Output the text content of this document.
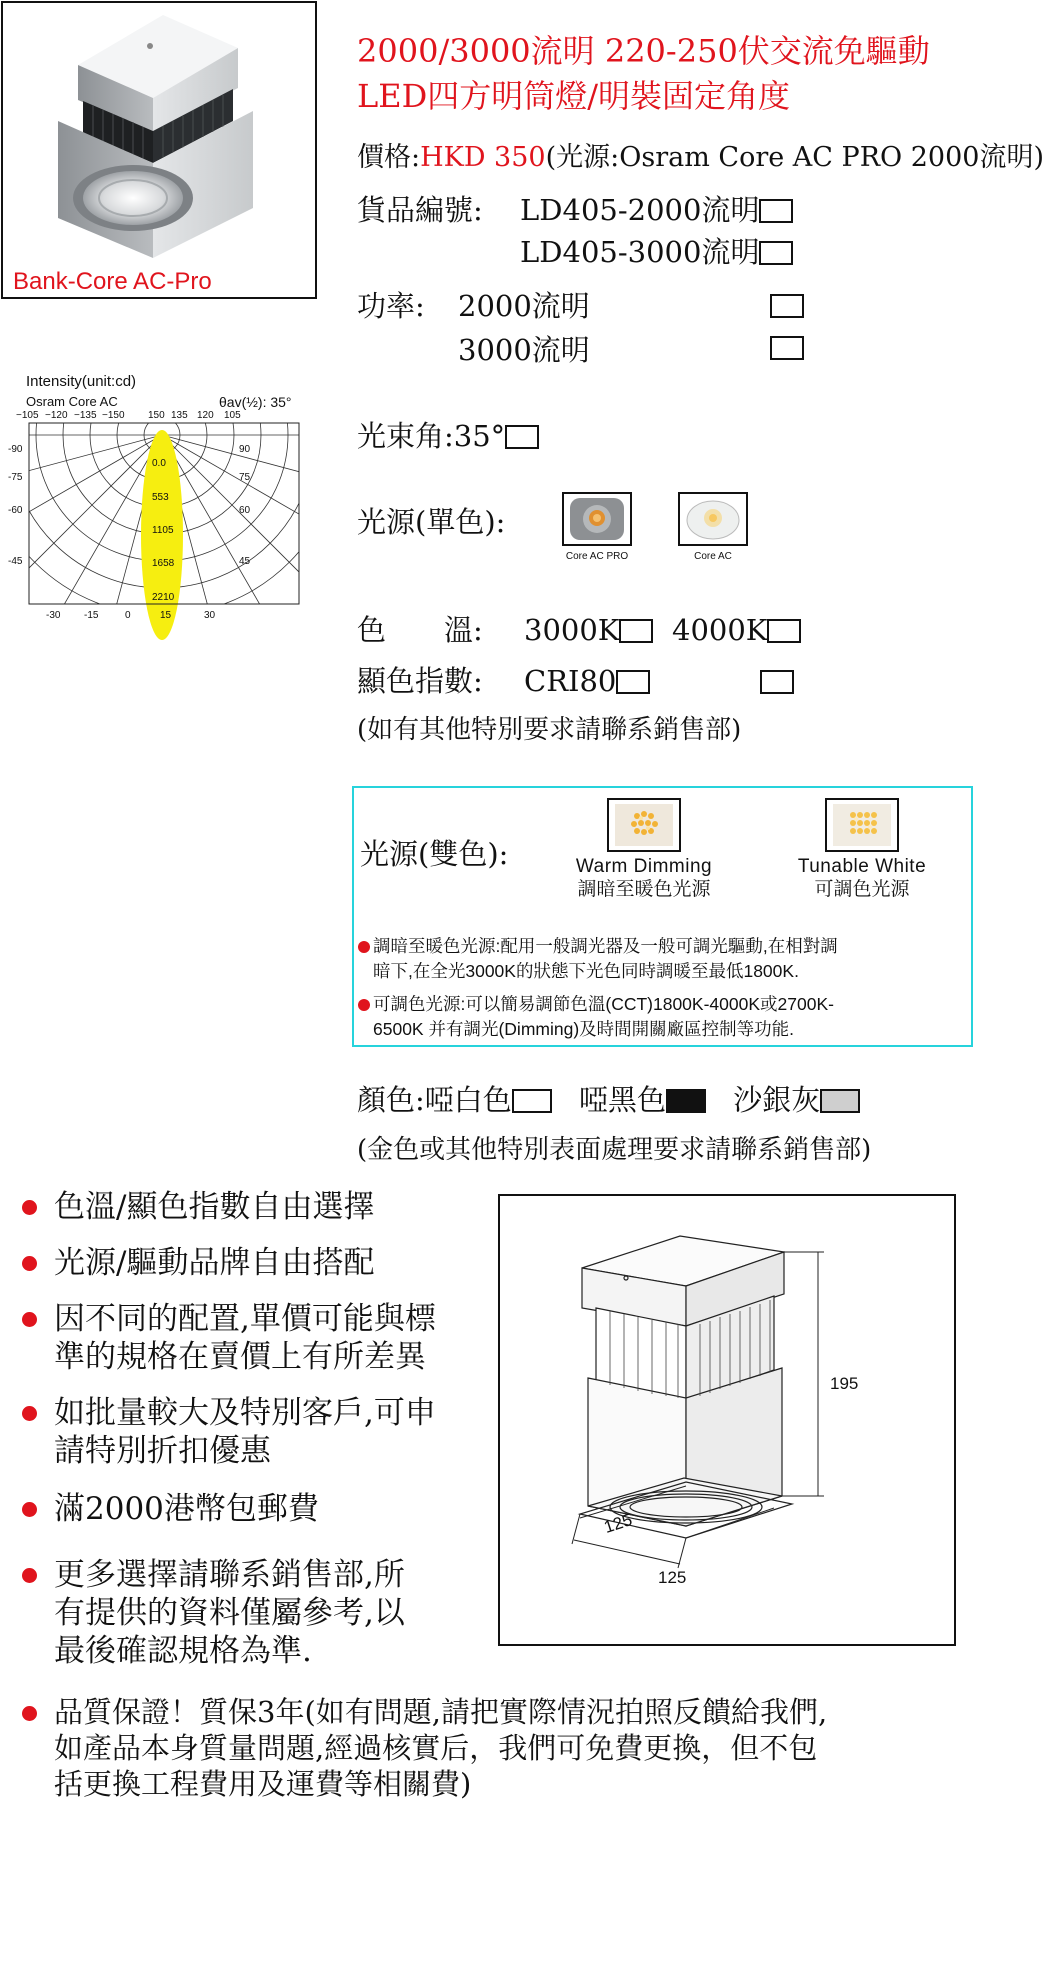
Bank-Core AC-Pro
2000/3000流明 220-250伏交流免驅動
LED四方明筒燈/明裝固定角度
價格:HKD 350(光源:Osram Core AC PRO 2000流明)
貨品編號: LD405-2000流明
LD405-3000流明
功率: 2000流明
3000流明
光束角:35°
光源(單色):
Core AC PRO	Core AC
色　　溫: 3000K	4000K
顯色指數: CRI80
(如有其他特別要求請聯系銷售部)
Intensity(unit:cd)
Osram Core AC	θav(½): 35°
−105 −120 −135 −150 150 135 120 105
-90
-75
-60
-45
90
75
60
45
-30 -15	0	15	30
0.0
553
1105
1658
2210
光源(雙色):	Warm Dimming
調暗至暖色光源
Tunable White
可調色光源
調暗至暖色光源:配用一般調光器及一般可調光驅動,在相對調
暗下,在全光3000K的狀態下光色同時調暖至最低1800K.
可調色光源:可以簡易調節色溫(CCT)1800K-4000K或2700K-
6500K 并有調光(Dimming)及時間開關廠區控制等功能.
顏色:啞白色 啞黑色 沙銀灰
(金色或其他特別表面處理要求請聯系銷售部)
色溫/顯色指數自由選擇
光源/驅動品牌自由搭配
因不同的配置,單價可能與標
準的規格在賣價上有所差異
如批量較大及特別客戶,可申
請特別折扣優惠
滿2000港幣包郵費
更多選擇請聯系銷售部,所
有提供的資料僅屬參考,以
最後確認規格為準.
品質保證！質保3年(如有問題,請把實際情況拍照反饋給我們,
如產品本身質量問題,經過核實后，我們可免費更換，但不包
括更換工程費用及運費等相關費)
195
125
125
